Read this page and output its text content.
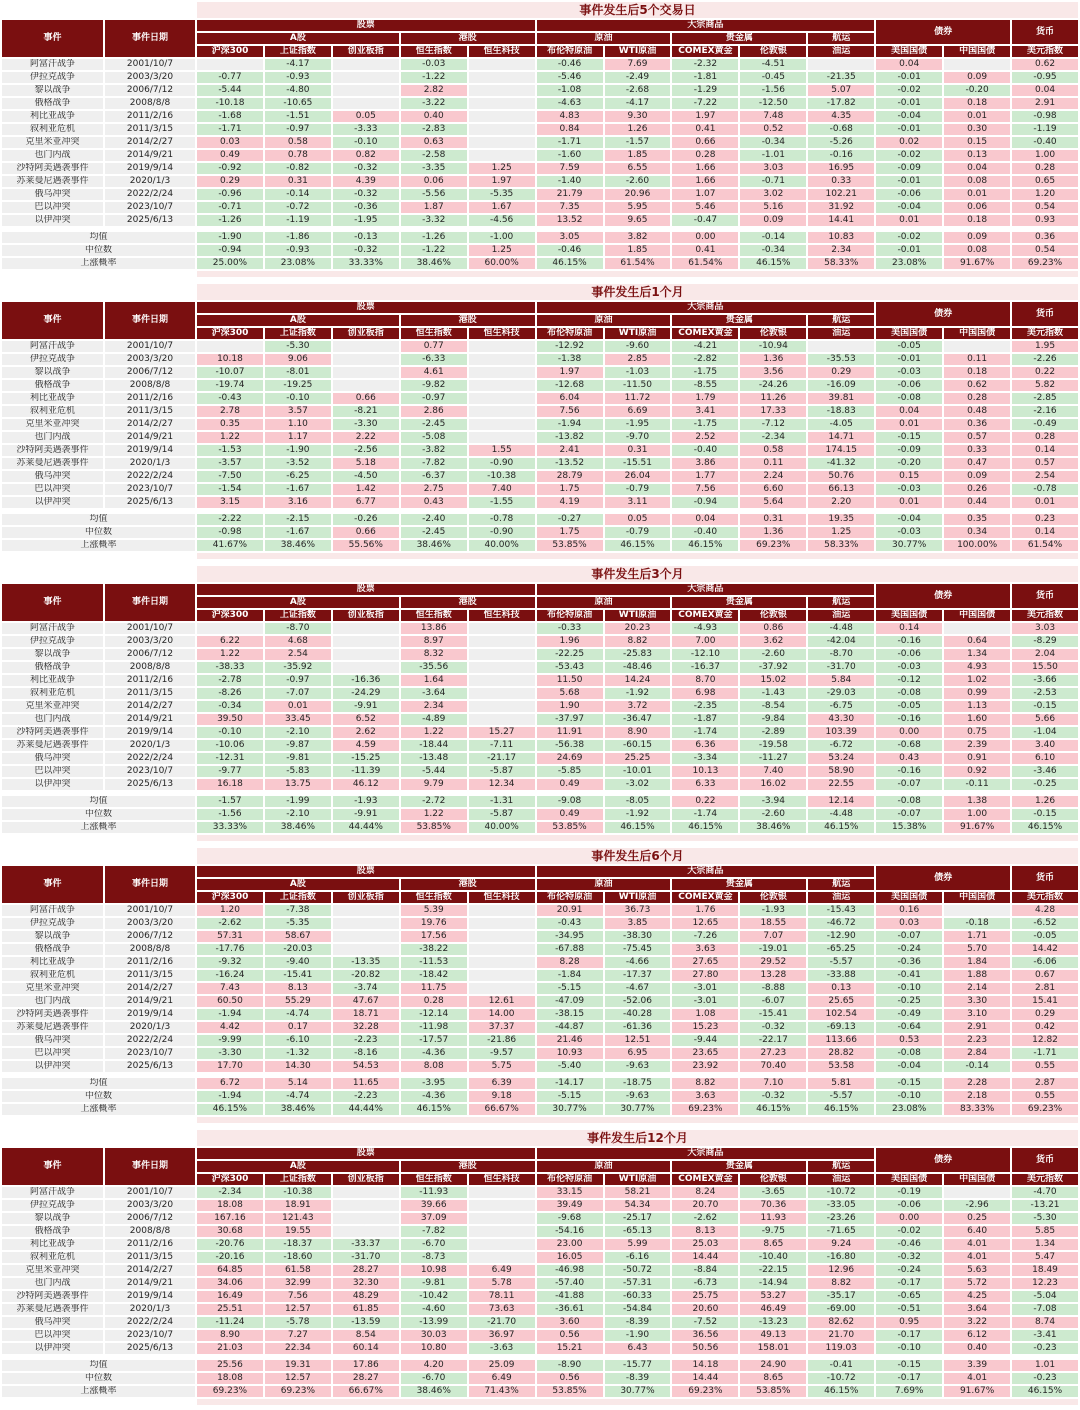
		事件发生后5个交易日												
事件	事件日期	股票					大宗商品					债券		货币
		A股			港股		原油		贵金属		航运			
		沪深300	上证指数	创业板指	恒生指数	恒生科技	布伦特原油	WTI原油	COMEX黄金	伦敦银	油运	美国国债	中国国债	美元指数
阿富汗战争	2001/10/7		-4.17		-0.03		-0.46	7.69	-2.32	-4.51		0.04		0.62
伊拉克战争	2003/3/20	-0.77	-0.93		-1.22		-5.46	-2.49	-1.81	-0.45	-21.35	-0.01	0.09	-0.95
黎以战争	2006/7/12	-5.44	-4.80		2.82		-1.08	-2.68	-1.29	-1.56	5.07	-0.02	-0.20	0.04
俄格战争	2008/8/8	-10.18	-10.65		-3.22		-4.63	-4.17	-7.22	-12.50	-17.82	-0.01	0.18	2.91
利比亚战争	2011/2/16	-1.68	-1.51	0.05	0.40		4.83	9.30	1.97	7.48	4.35	-0.04	0.01	-0.98
叙利亚危机	2011/3/15	-1.71	-0.97	-3.33	-2.83		0.84	1.26	0.41	0.52	-0.68	-0.01	0.30	-1.19
克里米亚冲突	2014/2/27	0.03	0.58	-0.10	0.63		-1.71	-1.57	0.66	-0.34	-5.26	0.02	0.15	-0.40
也门内战	2014/9/21	0.49	0.78	0.82	-2.58		-1.60	1.85	0.28	-1.01	-0.16	-0.02	0.13	1.00
沙特阿美遇袭事件	2019/9/14	-0.92	-0.82	-0.32	-3.35	1.25	7.59	6.55	1.66	3.03	16.95	-0.09	0.04	0.28
苏莱曼尼遇袭事件	2020/1/3	0.29	0.31	4.39	0.06	1.97	-1.40	-2.60	1.66	-0.71	0.33	-0.01	0.08	0.65
俄乌冲突	2022/2/24	-0.96	-0.14	-0.32	-5.56	-5.35	21.79	20.96	1.07	3.02	102.21	-0.06	0.01	1.20
巴以冲突	2023/10/7	-0.71	-0.72	-0.36	1.87	1.67	7.35	5.95	5.46	5.16	31.92	-0.04	0.06	0.54
以伊冲突	2025/6/13	-1.26	-1.19	-1.95	-3.32	-4.56	13.52	9.65	-0.47	0.09	14.41	0.01	0.18	0.93

均值		-1.90	-1.86	-0.13	-1.26	-1.00	3.05	3.82	0.00	-0.14	10.83	-0.02	0.09	0.36
中位数		-0.94	-0.93	-0.32	-1.22	1.25	-0.46	1.85	0.41	-0.34	2.34	-0.01	0.08	0.54
上涨概率		25.00%	23.08%	33.33%	38.46%	60.00%	46.15%	61.54%	61.54%	46.15%	58.33%	23.08%	91.67%	69.23%

		事件发生后1个月												
事件	事件日期	股票					大宗商品					债券		货币
		A股			港股		原油		贵金属		航运			
		沪深300	上证指数	创业板指	恒生指数	恒生科技	布伦特原油	WTI原油	COMEX黄金	伦敦银	油运	美国国债	中国国债	美元指数
阿富汗战争	2001/10/7		-5.30		0.77		-12.92	-9.60	-4.21	-10.94		-0.05		1.95
伊拉克战争	2003/3/20	10.18	9.06		-6.33		-1.38	2.85	-2.82	1.36	-35.53	-0.01	0.11	-2.26
黎以战争	2006/7/12	-10.07	-8.01		4.61		1.97	-1.03	-1.75	3.56	0.29	-0.03	0.18	0.22
俄格战争	2008/8/8	-19.74	-19.25		-9.82		-12.68	-11.50	-8.55	-24.26	-16.09	-0.06	0.62	5.82
利比亚战争	2011/2/16	-0.43	-0.10	0.66	-0.97		6.04	11.72	1.79	11.26	39.81	-0.08	0.28	-2.85
叙利亚危机	2011/3/15	2.78	3.57	-8.21	2.86		7.56	6.69	3.41	17.33	-18.83	0.04	0.48	-2.16
克里米亚冲突	2014/2/27	0.35	1.10	-3.30	-2.45		-1.94	-1.95	-1.75	-7.12	-4.05	0.01	0.36	-0.49
也门内战	2014/9/21	1.22	1.17	2.22	-5.08		-13.82	-9.70	2.52	-2.34	14.71	-0.15	0.57	0.28
沙特阿美遇袭事件	2019/9/14	-1.53	-1.90	-2.56	-3.82	1.55	2.41	0.31	-0.40	0.58	174.15	-0.09	0.33	0.14
苏莱曼尼遇袭事件	2020/1/3	-3.57	-3.52	5.18	-7.82	-0.90	-13.52	-15.51	3.86	0.11	-41.32	-0.20	0.47	0.57
俄乌冲突	2022/2/24	-7.50	-6.25	-4.50	-6.37	-10.38	28.79	26.04	1.77	2.24	50.76	0.15	0.09	2.54
巴以冲突	2023/10/7	-1.54	-1.67	1.42	2.75	7.40	1.75	-0.79	7.56	6.60	66.13	-0.03	0.26	-0.78
以伊冲突	2025/6/13	3.15	3.16	6.77	0.43	-1.55	4.19	3.11	-0.94	5.64	2.20	0.01	0.44	0.01

均值		-2.22	-2.15	-0.26	-2.40	-0.78	-0.27	0.05	0.04	0.31	19.35	-0.04	0.35	0.23
中位数		-0.98	-1.67	0.66	-2.45	-0.90	1.75	-0.79	-0.40	1.36	1.25	-0.03	0.34	0.14
上涨概率		41.67%	38.46%	55.56%	38.46%	40.00%	53.85%	46.15%	46.15%	69.23%	58.33%	30.77%	100.00%	61.54%

		事件发生后3个月												
事件	事件日期	股票					大宗商品					债券		货币
		A股			港股		原油		贵金属		航运			
		沪深300	上证指数	创业板指	恒生指数	恒生科技	布伦特原油	WTI原油	COMEX黄金	伦敦银	油运	美国国债	中国国债	美元指数
阿富汗战争	2001/10/7		-8.70		13.86		-0.33	20.23	-4.93	0.86	-4.48	0.14		3.03
伊拉克战争	2003/3/20	6.22	4.68		8.97		1.96	8.82	7.00	3.62	-42.04	-0.16	0.64	-8.29
黎以战争	2006/7/12	1.22	2.54		8.32		-22.25	-25.83	-12.10	-2.60	-8.70	-0.06	1.34	2.04
俄格战争	2008/8/8	-38.33	-35.92		-35.56		-53.43	-48.46	-16.37	-37.92	-31.70	-0.03	4.93	15.50
利比亚战争	2011/2/16	-2.78	-0.97	-16.36	1.64		11.50	14.24	8.70	15.02	5.84	-0.12	1.02	-3.66
叙利亚危机	2011/3/15	-8.26	-7.07	-24.29	-3.64		5.68	-1.92	6.98	-1.43	-29.03	-0.08	0.99	-2.53
克里米亚冲突	2014/2/27	-0.34	0.01	-9.91	2.34		1.90	3.72	-2.35	-8.54	-6.75	-0.05	1.13	-0.15
也门内战	2014/9/21	39.50	33.45	6.52	-4.89		-37.97	-36.47	-1.87	-9.84	43.30	-0.16	1.60	5.66
沙特阿美遇袭事件	2019/9/14	-0.10	-2.10	2.62	1.22	15.27	11.91	8.90	-1.74	-2.89	103.39	0.00	0.75	-1.04
苏莱曼尼遇袭事件	2020/1/3	-10.06	-9.87	4.59	-18.44	-7.11	-56.38	-60.15	6.36	-19.58	-6.72	-0.68	2.39	3.40
俄乌冲突	2022/2/24	-12.31	-9.81	-15.25	-13.48	-21.17	24.69	25.25	-3.34	-11.27	53.24	0.43	0.91	6.10
巴以冲突	2023/10/7	-9.77	-5.83	-11.39	-5.44	-5.87	-5.85	-10.01	10.13	7.40	58.90	-0.16	0.92	-3.46
以伊冲突	2025/6/13	16.18	13.75	46.12	9.79	12.34	0.49	-3.02	6.33	16.02	22.55	-0.07	-0.11	-0.25

均值		-1.57	-1.99	-1.93	-2.72	-1.31	-9.08	-8.05	0.22	-3.94	12.14	-0.08	1.38	1.26
中位数		-1.56	-2.10	-9.91	1.22	-5.87	0.49	-1.92	-1.74	-2.60	-4.48	-0.07	1.00	-0.15
上涨概率		33.33%	38.46%	44.44%	53.85%	40.00%	53.85%	46.15%	46.15%	38.46%	46.15%	15.38%	91.67%	46.15%

		事件发生后6个月												
事件	事件日期	股票					大宗商品					债券		货币
		A股			港股		原油		贵金属		航运			
		沪深300	上证指数	创业板指	恒生指数	恒生科技	布伦特原油	WTI原油	COMEX黄金	伦敦银	油运	美国国债	中国国债	美元指数
阿富汗战争	2001/10/7	1.20	-7.38		5.39		20.91	36.73	1.76	-1.93	-15.43	0.16		4.28
伊拉克战争	2003/3/20	-2.62	-5.35		19.76		-0.43	3.85	12.65	18.55	-46.72	0.03	-0.18	-6.52
黎以战争	2006/7/12	57.31	58.67		17.56		-34.95	-38.30	-7.26	7.07	-12.90	-0.07	1.71	-0.05
俄格战争	2008/8/8	-17.76	-20.03		-38.22		-67.88	-75.45	3.63	-19.01	-65.25	-0.24	5.70	14.42
利比亚战争	2011/2/16	-9.32	-9.40	-13.35	-11.53		8.28	-4.66	27.65	29.52	-5.57	-0.36	1.84	-6.06
叙利亚危机	2011/3/15	-16.24	-15.41	-20.82	-18.42		-1.84	-17.37	27.80	13.28	-33.88	-0.41	1.88	0.67
克里米亚冲突	2014/2/27	7.43	8.13	-3.74	11.75		-5.15	-4.67	-3.01	-8.88	0.13	-0.10	2.14	2.81
也门内战	2014/9/21	60.50	55.29	47.67	0.28	12.61	-47.09	-52.06	-3.01	-6.07	25.65	-0.25	3.30	15.41
沙特阿美遇袭事件	2019/9/14	-1.94	-4.74	18.71	-12.14	14.00	-38.15	-40.28	1.08	-15.41	102.54	-0.49	3.10	0.29
苏莱曼尼遇袭事件	2020/1/3	4.42	0.17	32.28	-11.98	37.37	-44.87	-61.36	15.23	-0.32	-69.13	-0.64	2.91	0.42
俄乌冲突	2022/2/24	-9.99	-6.10	-2.23	-17.57	-21.86	21.46	12.51	-9.44	-22.17	113.66	0.53	2.23	12.82
巴以冲突	2023/10/7	-3.30	-1.32	-8.16	-4.36	-9.57	10.93	6.95	23.65	27.23	28.82	-0.08	2.84	-1.71
以伊冲突	2025/6/13	17.70	14.30	54.53	8.08	5.75	-5.40	-9.63	23.92	70.40	53.58	-0.04	-0.14	0.55

均值		6.72	5.14	11.65	-3.95	6.39	-14.17	-18.75	8.82	7.10	5.81	-0.15	2.28	2.87
中位数		-1.94	-4.74	-2.23	-4.36	9.18	-5.15	-9.63	3.63	-0.32	-5.57	-0.10	2.18	0.55
上涨概率		46.15%	38.46%	44.44%	46.15%	66.67%	30.77%	30.77%	69.23%	46.15%	46.15%	23.08%	83.33%	69.23%

		事件发生后12个月												
事件	事件日期	股票					大宗商品					债券		货币
		A股			港股		原油		贵金属		航运			
		沪深300	上证指数	创业板指	恒生指数	恒生科技	布伦特原油	WTI原油	COMEX黄金	伦敦银	油运	美国国债	中国国债	美元指数
阿富汗战争	2001/10/7	-2.34	-10.38		-11.93		33.15	58.21	8.24	-3.65	-10.72	-0.19		-4.70
伊拉克战争	2003/3/20	18.08	18.91		39.66		39.49	54.34	20.70	70.36	-33.05	-0.06	-2.96	-13.21
黎以战争	2006/7/12	167.16	121.43		37.09		-9.68	-25.17	-2.62	11.93	-23.26	0.00	0.25	-5.30
俄格战争	2008/8/8	30.68	19.55		-7.82		-54.16	-65.13	8.13	-9.75	-71.65	-0.02	6.40	5.85
利比亚战争	2011/2/16	-20.76	-18.37	-33.37	-6.70		23.00	5.99	25.03	8.65	9.24	-0.46	4.01	1.34
叙利亚危机	2011/3/15	-20.16	-18.60	-31.70	-8.73		16.05	-6.16	14.44	-10.40	-16.80	-0.32	4.01	5.47
克里米亚冲突	2014/2/27	64.85	61.58	28.27	10.98	6.49	-46.98	-50.72	-8.84	-22.15	12.96	-0.24	5.63	18.49
也门内战	2014/9/21	34.06	32.99	32.30	-9.81	5.78	-57.40	-57.31	-6.73	-14.94	8.82	-0.17	5.72	12.23
沙特阿美遇袭事件	2019/9/14	16.49	7.56	48.29	-10.42	78.11	-41.88	-60.33	25.75	53.27	-35.17	-0.65	4.25	-5.04
苏莱曼尼遇袭事件	2020/1/3	25.51	12.57	61.85	-4.60	73.63	-36.61	-54.84	20.60	46.49	-69.00	-0.51	3.64	-7.08
俄乌冲突	2022/2/24	-11.24	-5.78	-13.59	-13.99	-21.70	3.60	-8.39	-7.52	-13.23	82.62	0.95	3.22	8.74
巴以冲突	2023/10/7	8.90	7.27	8.54	30.03	36.97	0.56	-1.90	36.56	49.13	21.70	-0.17	6.12	-3.41
以伊冲突	2025/6/13	21.03	22.34	60.14	10.80	-3.63	15.21	6.43	50.56	158.01	119.03	-0.10	0.40	-0.23

均值		25.56	19.31	17.86	4.20	25.09	-8.90	-15.77	14.18	24.90	-0.41	-0.15	3.39	1.01
中位数		18.08	12.57	28.27	-6.70	6.49	0.56	-8.39	14.44	8.65	-10.72	-0.17	4.01	-0.23
上涨概率		69.23%	69.23%	66.67%	38.46%	71.43%	53.85%	30.77%	69.23%	53.85%	46.15%	7.69%	91.67%	46.15%
